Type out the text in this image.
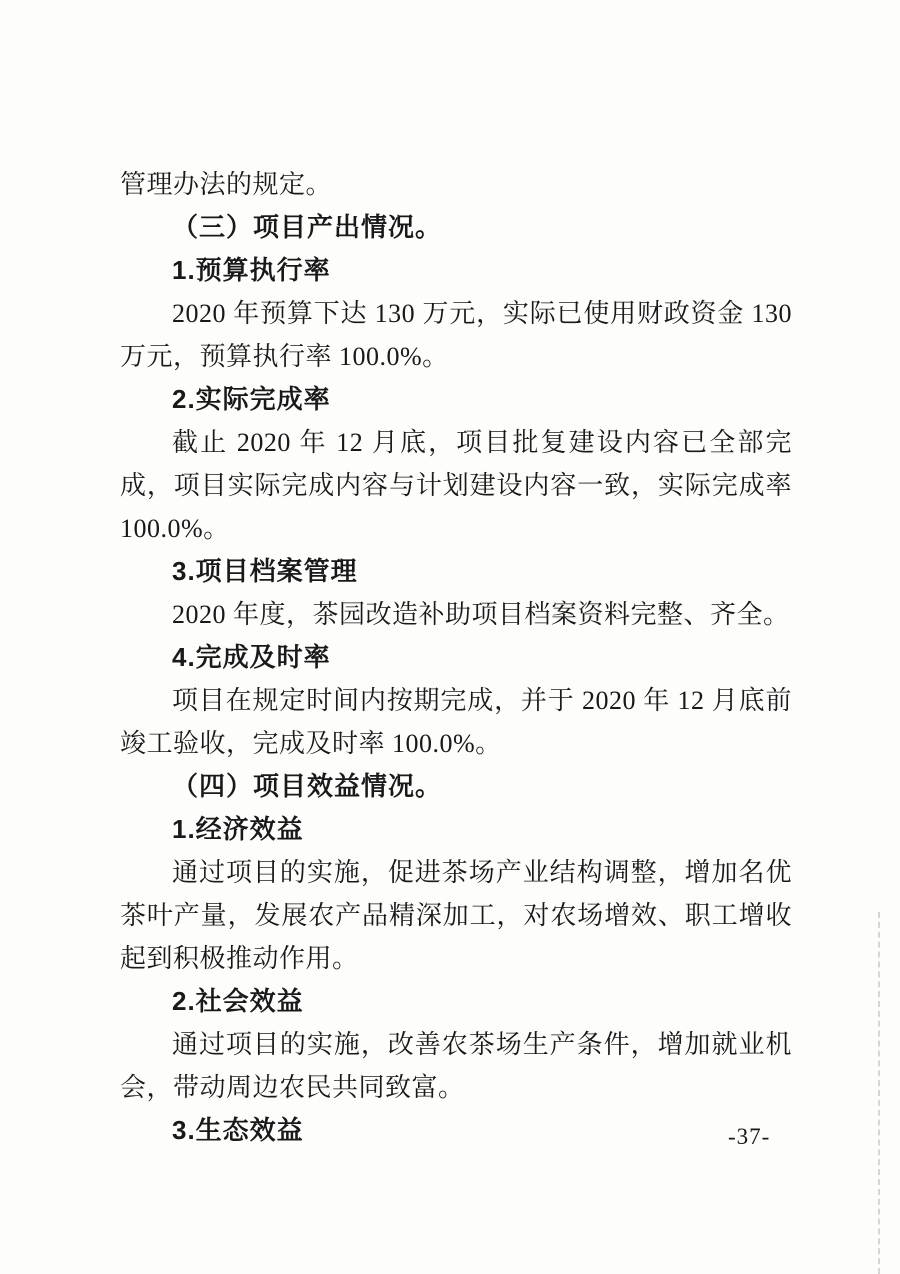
管理办法的规定。

（三）项目产出情况。

1.预算执行率

2020 年预算下达 130 万元，实际已使用财政资金 130 万元，预算执行率 100.0%。

2.实际完成率

截止 2020 年 12 月底，项目批复建设内容已全部完成，项目实际完成内容与计划建设内容一致，实际完成率 100.0%。

3.项目档案管理

2020 年度，茶园改造补助项目档案资料完整、齐全。

4.完成及时率

项目在规定时间内按期完成，并于 2020 年 12 月底前竣工验收，完成及时率 100.0%。

（四）项目效益情况。

1.经济效益

通过项目的实施，促进茶场产业结构调整，增加名优茶叶产量，发展农产品精深加工，对农场增效、职工增收起到积极推动作用。

2.社会效益

通过项目的实施，改善农茶场生产条件，增加就业机会，带动周边农民共同致富。

3.生态效益	-37-
